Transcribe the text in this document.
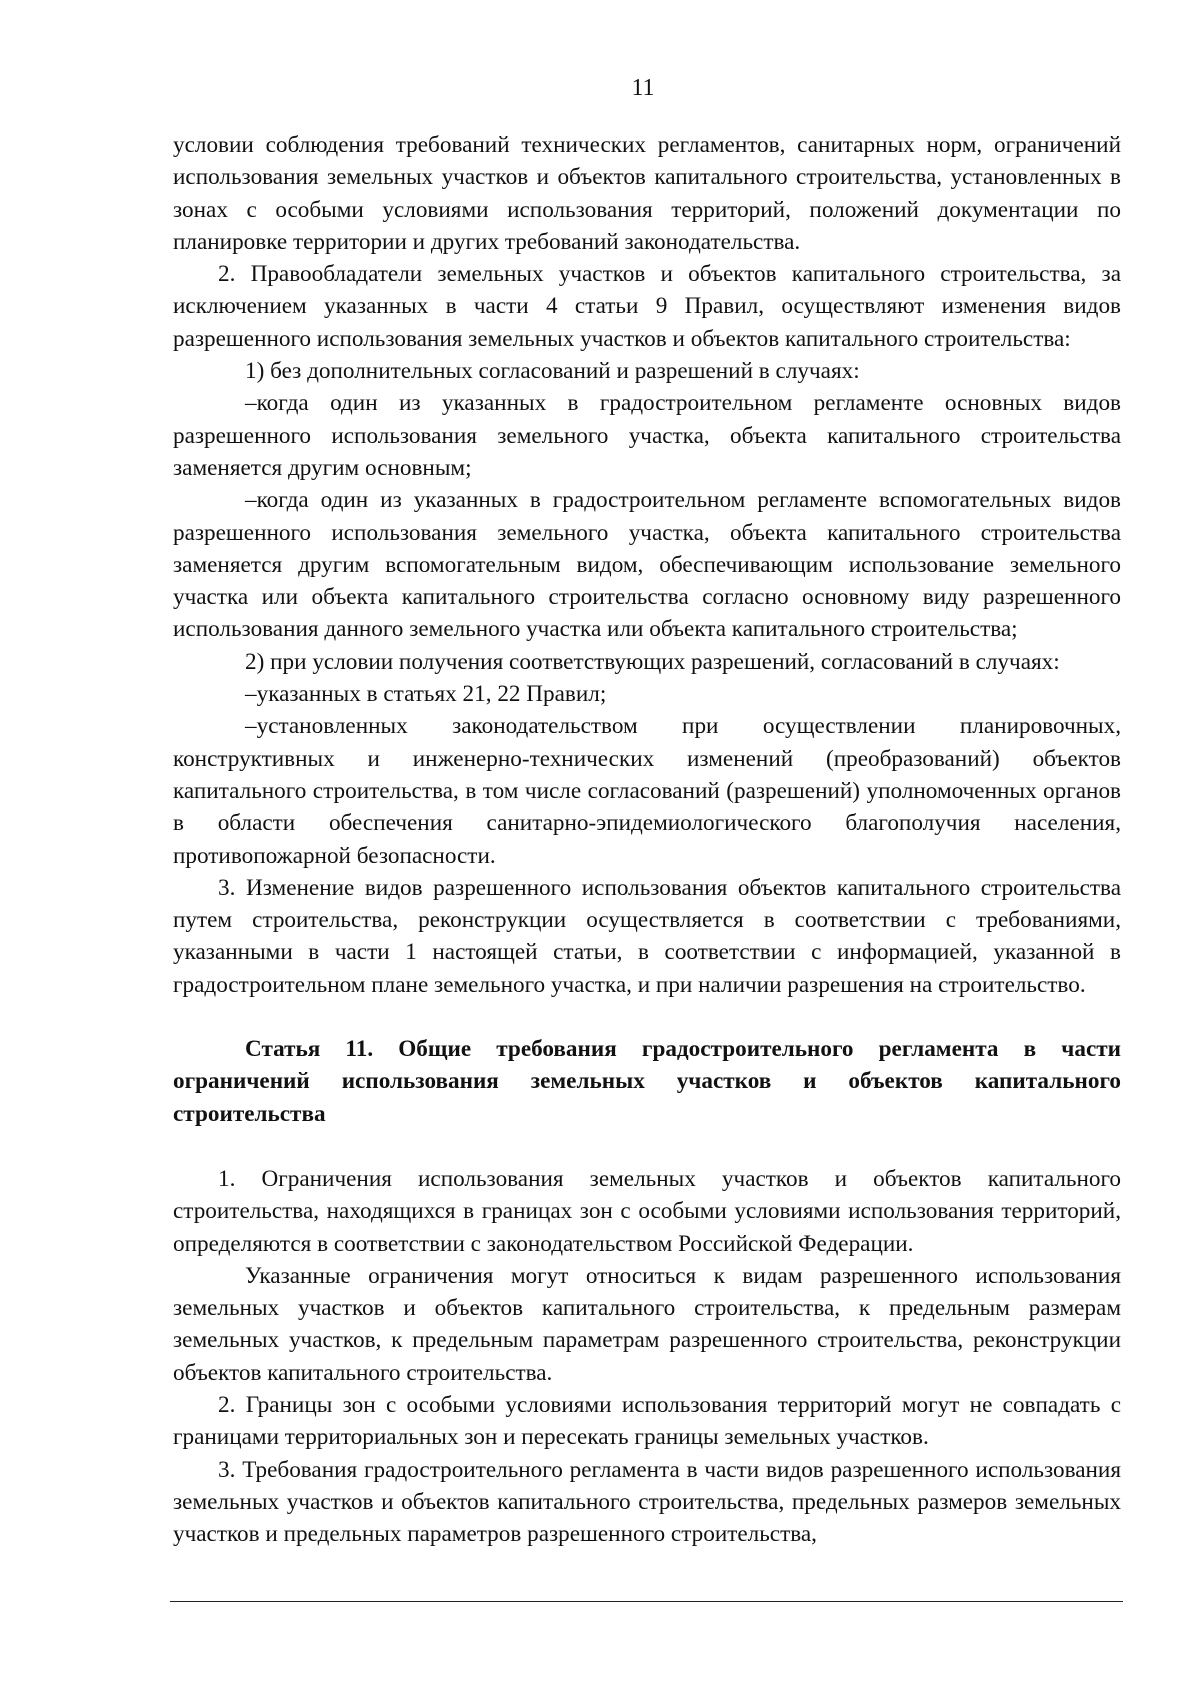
11

условии соблюдения требований технических регламентов, санитарных норм, ограничений использования земельных участков и объектов капитального строительства, установленных в зонах с особыми условиями использования территорий, положений документации по планировке территории и других требований законодательства.

2. Правообладатели земельных участков и объектов капитального строительства, за исключением указанных в части 4 статьи 9 Правил, осуществляют изменения видов разрешенного использования земельных участков и объектов капитального строительства:

1) без дополнительных согласований и разрешений в случаях:

–когда один из указанных в градостроительном регламенте основных видов разрешенного использования земельного участка, объекта капитального строительства заменяется другим основным;

–когда один из указанных в градостроительном регламенте вспомогательных видов разрешенного использования земельного участка, объекта капитального строительства заменяется другим вспомогательным видом, обеспечивающим использование земельного участка или объекта капитального строительства согласно основному виду разрешенного использования данного земельного участка или объекта капитального строительства;

2) при условии получения соответствующих разрешений, согласований в случаях:

–указанных в статьях 21, 22 Правил;

–установленных законодательством при осуществлении планировочных, конструктивных и инженерно-технических изменений (преобразований) объектов капитального строительства, в том числе согласований (разрешений) уполномоченных органов в области обеспечения санитарно-эпидемиологического благополучия населения, противопожарной безопасности.

3. Изменение видов разрешенного использования объектов капитального строительства путем строительства, реконструкции осуществляется в соответствии с требованиями, указанными в части 1 настоящей статьи, в соответствии с информацией, указанной в градостроительном плане земельного участка, и при наличии разрешения на строительство.

Статья 11. Общие требования градостроительного регламента в части ограничений использования земельных участков и объектов капитального строительства

1. Ограничения использования земельных участков и объектов капитального строительства, находящихся в границах зон с особыми условиями использования территорий, определяются в соответствии с законодательством Российской Федерации.

Указанные ограничения могут относиться к видам разрешенного использования земельных участков и объектов капитального строительства, к предельным размерам земельных участков, к предельным параметрам разрешенного строительства, реконструкции объектов капитального строительства.

2. Границы зон с особыми условиями использования территорий могут не совпадать с границами территориальных зон и пересекать границы земельных участков.

3. Требования градостроительного регламента в части видов разрешенного использования земельных участков и объектов капитального строительства, предельных размеров земельных участков и предельных параметров разрешенного строительства,
